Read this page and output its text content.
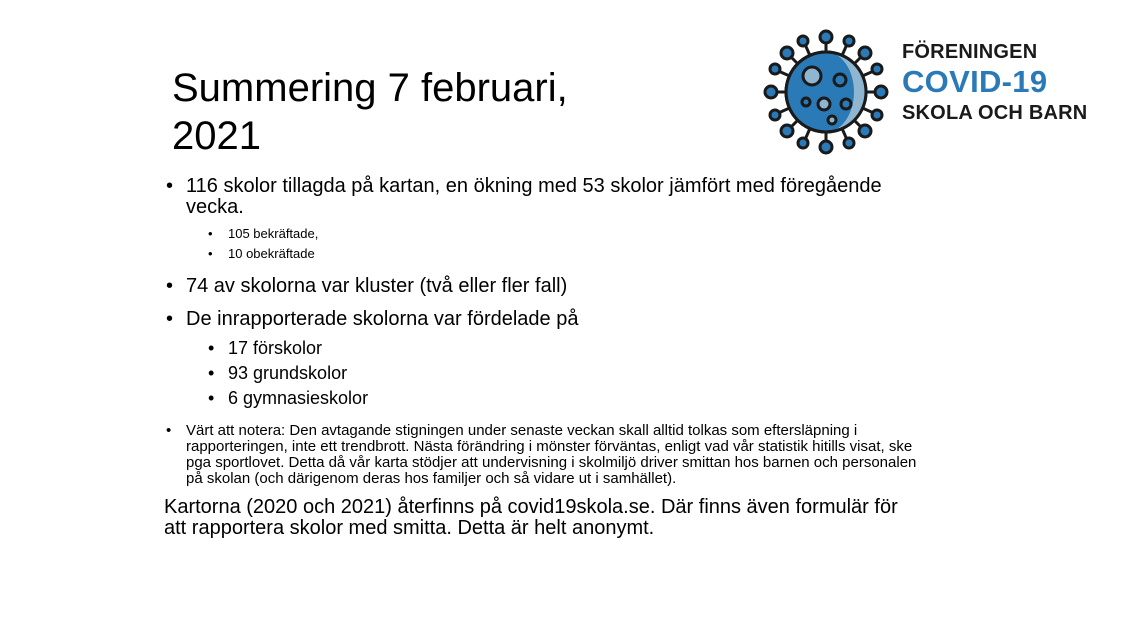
Summering 7 februari,
2021
FÖRENINGEN
COVID-19
SKOLA OCH BARN
• 116 skolor tillagda på kartan, en ökning med 53 skolor jämfört med föregående vecka.
• 105 bekräftade,
• 10 obekräftade
• 74 av skolorna var kluster (två eller fler fall)
• De inrapporterade skolorna var fördelade på
• 17 förskolor
• 93 grundskolor
• 6 gymnasieskolor
• Värt att notera: Den avtagande stigningen under senaste veckan skall alltid tolkas som eftersläpning i rapporteringen, inte ett trendbrott. Nästa förändring i mönster förväntas, enligt vad vår statistik hitills visat, ske pga sportlovet. Detta då vår karta stödjer att undervisning i skolmiljö driver smittan hos barnen och personalen på skolan (och därigenom deras hos familjer och så vidare ut i samhället).

Kartorna (2020 och 2021) återfinns på covid19skola.se. Där finns även formulär för att rapportera skolor med smitta. Detta är helt anonymt.
